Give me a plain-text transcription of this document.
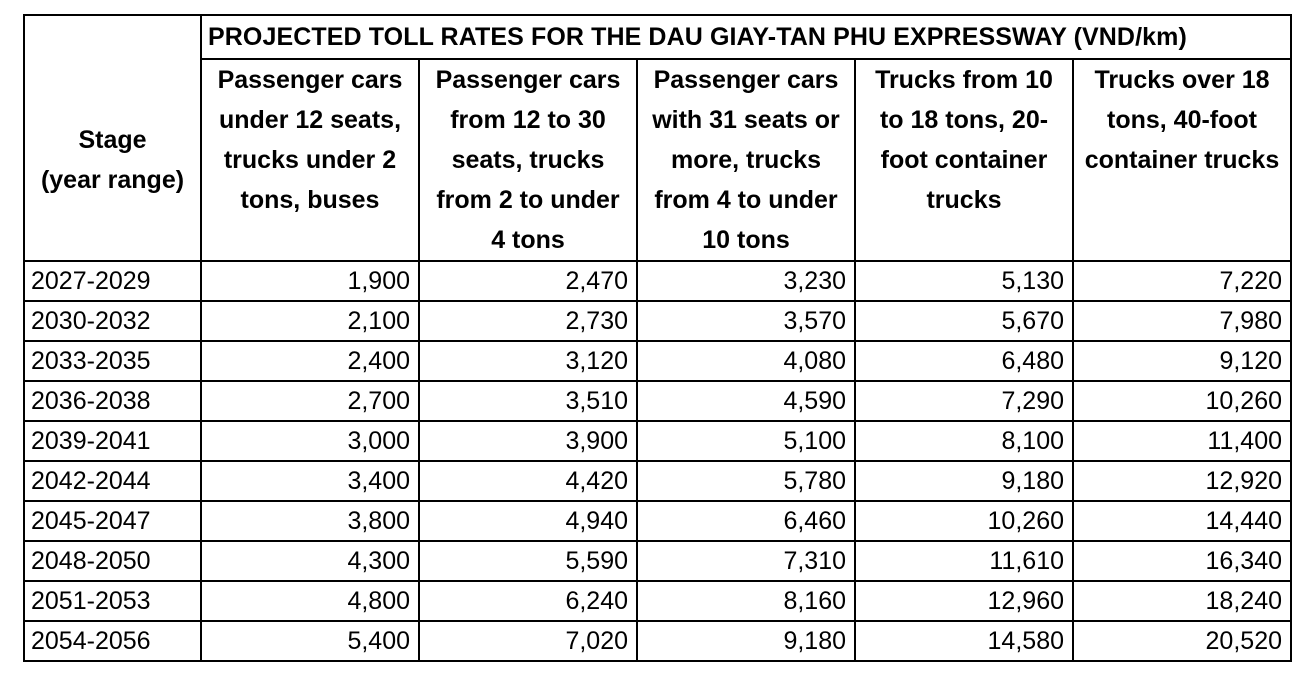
	PROJECTED TOLL RATES FOR THE DAU GIAY-TAN PHU EXPRESSWAY (VND/km)				

Stage
(year range)	Passenger cars
under 12 seats,
trucks under 2
tons, buses	Passenger cars
from 12 to 30
seats, trucks
from 2 to under
4 tons	Passenger cars
with 31 seats or
more, trucks
from 4 to under
10 tons	Trucks from 10
to 18 tons, 20-
foot container
trucks	Trucks over 18
tons, 40-foot
container trucks

2027-2029	1,900	2,470	3,230	5,130	7,220
2030-2032	2,100	2,730	3,570	5,670	7,980
2033-2035	2,400	3,120	4,080	6,480	9,120
2036-2038	2,700	3,510	4,590	7,290	10,260
2039-2041	3,000	3,900	5,100	8,100	11,400
2042-2044	3,400	4,420	5,780	9,180	12,920
2045-2047	3,800	4,940	6,460	10,260	14,440
2048-2050	4,300	5,590	7,310	11,610	16,340
2051-2053	4,800	6,240	8,160	12,960	18,240
2054-2056	5,400	7,020	9,180	14,580	20,520
